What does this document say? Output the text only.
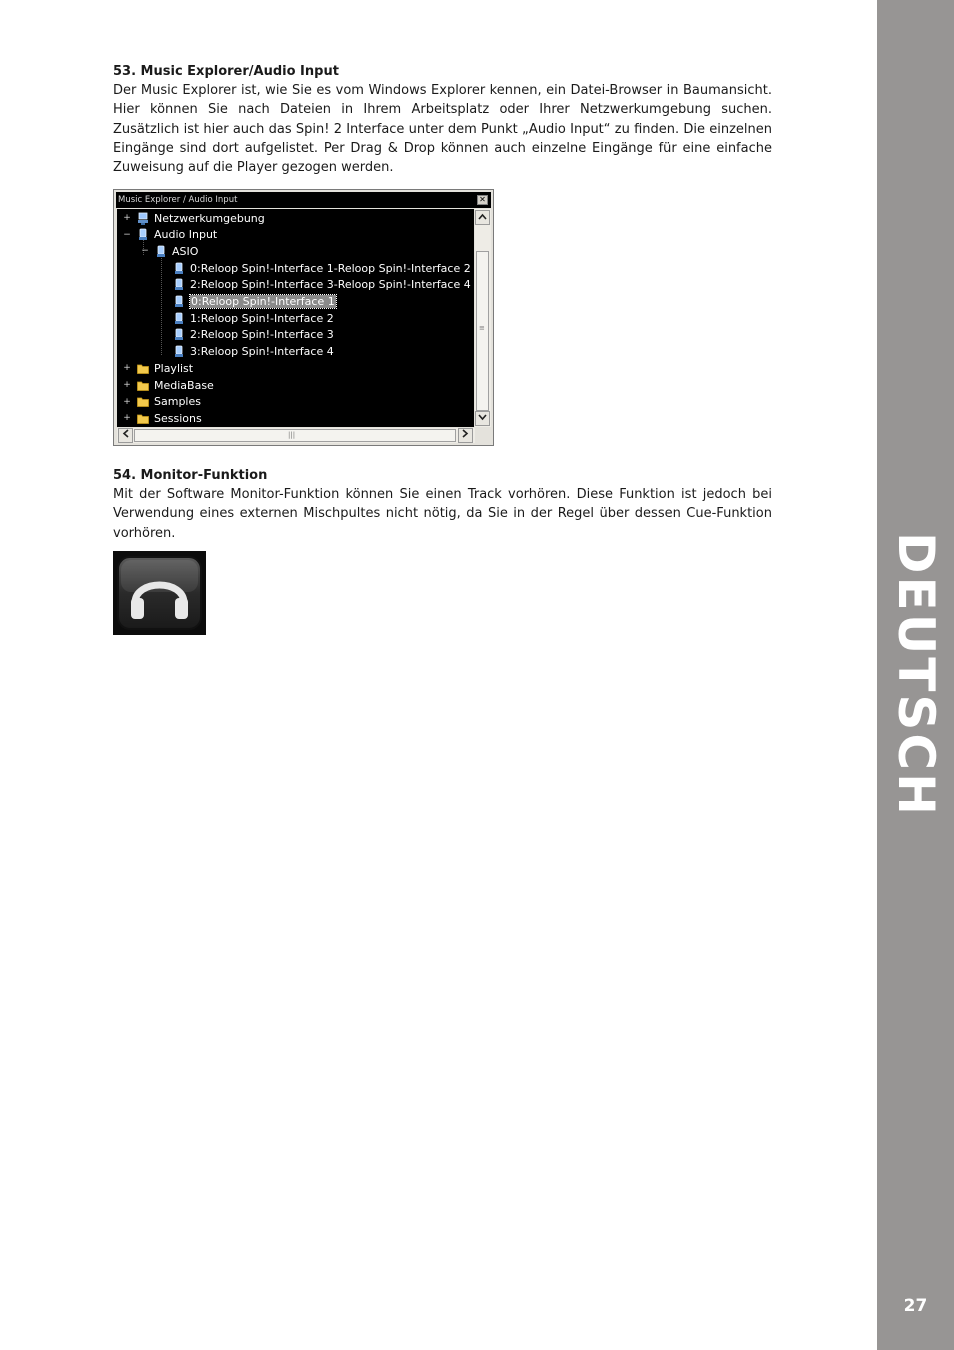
DEUTSCH
27

53. Music Explorer/Audio Input

Der Music Explorer ist, wie Sie es vom Windows Explorer kennen, ein Datei-Browser in Baumansicht. Hier können Sie nach Dateien in Ihrem Arbeitsplatz oder Ihrer Netzwerkumgebung suchen. Zusätzlich ist hier auch das Spin! 2 Interface unter dem Punkt „Audio Input“ zu finden. Die einzelnen Eingänge sind dort aufgelistet. Per Drag & Drop können auch einzelne Eingänge für eine einfache Zuweisung auf die Player gezogen werden.

Music Explorer / Audio Input	✕
+ Netzwerkumgebung
− Audio Input
− ASIO
0:Reloop Spin!-Interface 1-Reloop Spin!-Interface 2
2:Reloop Spin!-Interface 3-Reloop Spin!-Interface 4
0:Reloop Spin!-Interface 1
1:Reloop Spin!-Interface 2
2:Reloop Spin!-Interface 3
3:Reloop Spin!-Interface 4
+ Playlist
+ MediaBase
+ Samples
+ Sessions
≡
|||

54. Monitor-Funktion

Mit der Software Monitor-Funktion können Sie einen Track vorhören. Diese Funktion ist jedoch bei Verwendung eines externen Mischpultes nicht nötig, da Sie in der Regel über dessen Cue-Funktion vorhören.
